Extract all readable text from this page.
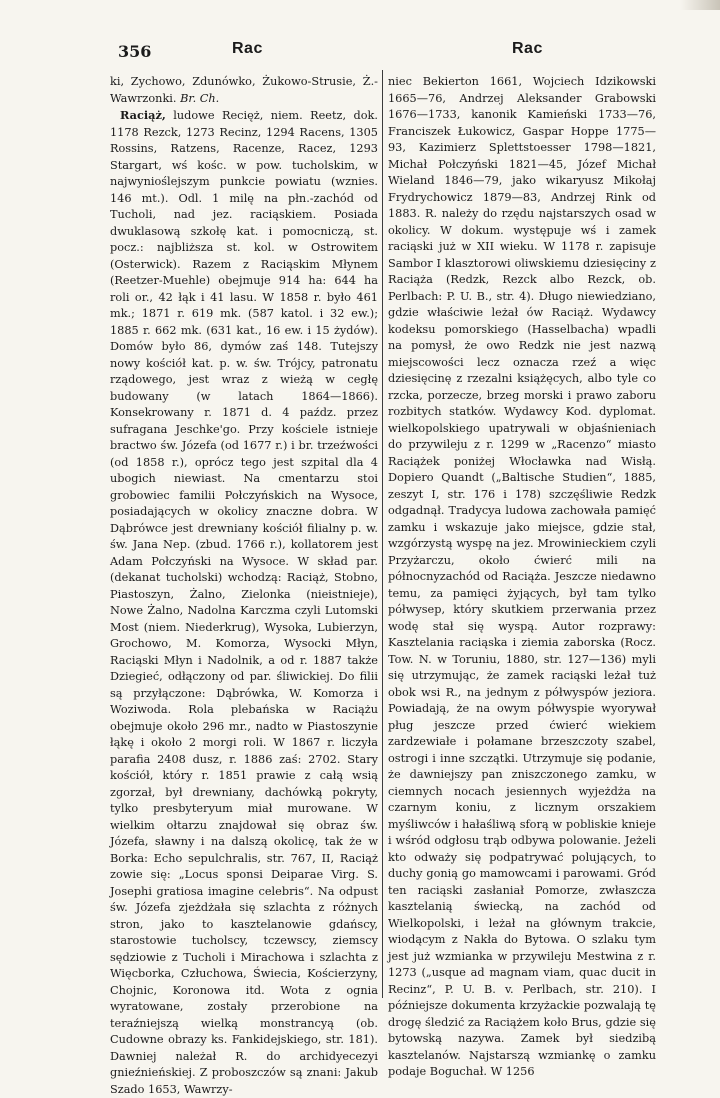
356	Rac	Rac

ki, Zychowo, Zdunówko, Żukowo-Strusie, Ż.-Wawrzonki. Br. Ch.

Raciąż, ludowe Recięż, niem. Reetz, dok. 1178 Rezck, 1273 Recinz, 1294 Racens, 1305 Rossins, Ratzens, Racenze, Racez, 1293 Stargart, wś kośc. w pow. tucholskim, w najwynioślejszym punkcie powiatu (wznies. 146 mt.). Odl. 1 milę na płn.-zachód od Tucholi, nad jez. raciąskiem. Posiada dwuklasową szkołę kat. i pomocniczą, st. pocz.: najbliższa st. kol. w Ostrowitem (Osterwick). Razem z Raciąskim Młynem (Reetzer-Muehle) obejmuje 914 ha: 644 ha roli or., 42 łąk i 41 lasu. W 1858 r. było 461 mk.; 1871 r. 619 mk. (587 katol. i 32 ew.); 1885 r. 662 mk. (631 kat., 16 ew. i 15 żydów). Domów było 86, dymów zaś 148. Tutejszy nowy kościół kat. p. w. św. Trójcy, patronatu rządowego, jest wraz z wieżą w cegłę budowany (w latach 1864—1866). Konsekrowany r. 1871 d. 4 paźdz. przez sufragana Jeschke'go. Przy kościele istnieje bractwo św. Józefa (od 1677 r.) i br. trzeźwości (od 1858 r.), oprócz tego jest szpital dla 4 ubogich niewiast. Na cmentarzu stoi grobowiec familii Połczyńskich na Wysoce, posiadających w okolicy znaczne dobra. W Dąbrówce jest drewniany kościół filialny p. w. św. Jana Nep. (zbud. 1766 r.), kollatorem jest Adam Połczyński na Wysoce. W skład par. (dekanat tucholski) wchodzą: Raciąż, Stobno, Piastoszyn, Żalno, Zielonka (nieistnieje), Nowe Żalno, Nadolna Karczma czyli Lutomski Most (niem. Niederkrug), Wysoka, Lubierzyn, Grochowo, M. Komorza, Wysocki Młyn, Raciąski Młyn i Nadolnik, a od r. 1887 także Dziegieć, odłączony od par. śliwickiej. Do filii są przyłączone: Dąbrówka, W. Komorza i Woziwoda. Rola plebańska w Raciążu obejmuje około 296 mr., nadto w Piastoszynie łąkę i około 2 morgi roli. W 1867 r. liczyła parafia 2408 dusz, r. 1886 zaś: 2702. Stary kościół, który r. 1851 prawie z całą wsią zgorzał, był drewniany, dachówką pokryty, tylko presbyteryum miał murowane. W wielkim ołtarzu znajdował się obraz św. Józefa, sławny i na dalszą okolicę, tak że w Borka: Echo sepulchralis, str. 767, II, Raciąż zowie się: „Locus sponsi Deiparae Virg. S. Josephi gratiosa imagine celebris“. Na odpust św. Józefa zjeżdżała się szlachta z różnych stron, jako to kasztelanowie gdańscy, starostowie tucholscy, tczewscy, ziemscy sędziowie z Tucholi i Mirachowa i szlachta z Więcborka, Człuchowa, Świecia, Kościerzyny, Chojnic, Koronowa itd. Wota z ognia wyratowane, zostały przerobione na teraźniejszą wielką monstrancyą (ob. Cudowne obrazy ks. Fankidejskiego, str. 181). Dawniej należał R. do archidyecezyi gnieźnieńskiej. Z proboszczów są znani: Jakub Szado 1653, Wawrzy-

niec Bekierton 1661, Wojciech Idzikowski 1665—76, Andrzej Aleksander Grabowski 1676—1733, kanonik Kamieński 1733—76, Franciszek Łukowicz, Gaspar Hoppe 1775—93, Kazimierz Splettstoesser 1798—1821, Michał Połczyński 1821—45, Józef Michał Wieland 1846—79, jako wikaryusz Mikołaj Frydrychowicz 1879—83, Andrzej Rink od 1883. R. należy do rzędu najstarszych osad w okolicy. W dokum. występuje wś i zamek raciąski już w XII wieku. W 1178 r. zapisuje Sambor I klasztorowi oliwskiemu dziesięciny z Raciąża (Redzk, Rezck albo Rezck, ob. Perlbach: P. U. B., str. 4). Długo niewiedziano, gdzie właściwie leżał ów Raciąż. Wydawcy kodeksu pomorskiego (Hasselbacha) wpadli na pomysł, że owo Redzk nie jest nazwą miejscowości lecz oznacza rzeź a więc dziesięcinę z rzezalni książęcych, albo tyle co rzcka, porzecze, brzeg morski i prawo zaboru rozbitych statków. Wydawcy Kod. dyplomat. wielkopolskiego upatrywali w objaśnieniach do przywileju z r. 1299 w „Racenzo“ miasto Raciążek poniżej Włocławka nad Wisłą. Dopiero Quandt („Baltische Studien“, 1885, zeszyt I, str. 176 i 178) szczęśliwie Redzk odgadnął. Tradycya ludowa zachowała pamięć zamku i wskazuje jako miejsce, gdzie stał, wzgórzystą wyspę na jez. Mrowinieckiem czyli Przyżarczu, około ćwierć mili na północnyzachód od Raciąża. Jeszcze niedawno temu, za pamięci żyjących, był tam tylko półwysep, który skutkiem przerwania przez wodę stał się wyspą. Autor rozprawy: Kasztelania raciąska i ziemia zaborska (Rocz. Tow. N. w Toruniu, 1880, str. 127—136) myli się utrzymując, że zamek raciąski leżał tuż obok wsi R., na jednym z półwyspów jeziora. Powiadają, że na owym półwyspie wyorywał pług jeszcze przed ćwierć wiekiem zardzewiałe i połamane brzeszczoty szabel, ostrogi i inne szczątki. Utrzymuje się podanie, że dawniejszy pan zniszczonego zamku, w ciemnych nocach jesiennych wyjeżdża na czarnym koniu, z licznym orszakiem myśliwców i hałaśliwą sforą w pobliskie knieje i wśród odgłosu trąb odbywa polowanie. Jeżeli kto odważy się podpatrywać polujących, to duchy gonią go mamowcami i parowami. Gród ten raciąski zasłaniał Pomorze, zwłaszcza kasztelanią świecką, na zachód od Wielkopolski, i leżał na głównym trakcie, wiodącym z Nakła do Bytowa. O szlaku tym jest już wzmianka w przywileju Mestwina z r. 1273 („usque ad magnam viam, quac ducit in Recinz“, P. U. B. v. Perlbach, str. 210). I późniejsze dokumenta krzyżackie pozwalają tę drogę śledzić za Raciążem koło Brus, gdzie się bytowską nazywa. Zamek był siedzibą kasztelanów. Najstarszą wzmiankę o zamku podaje Boguchał. W 1256
